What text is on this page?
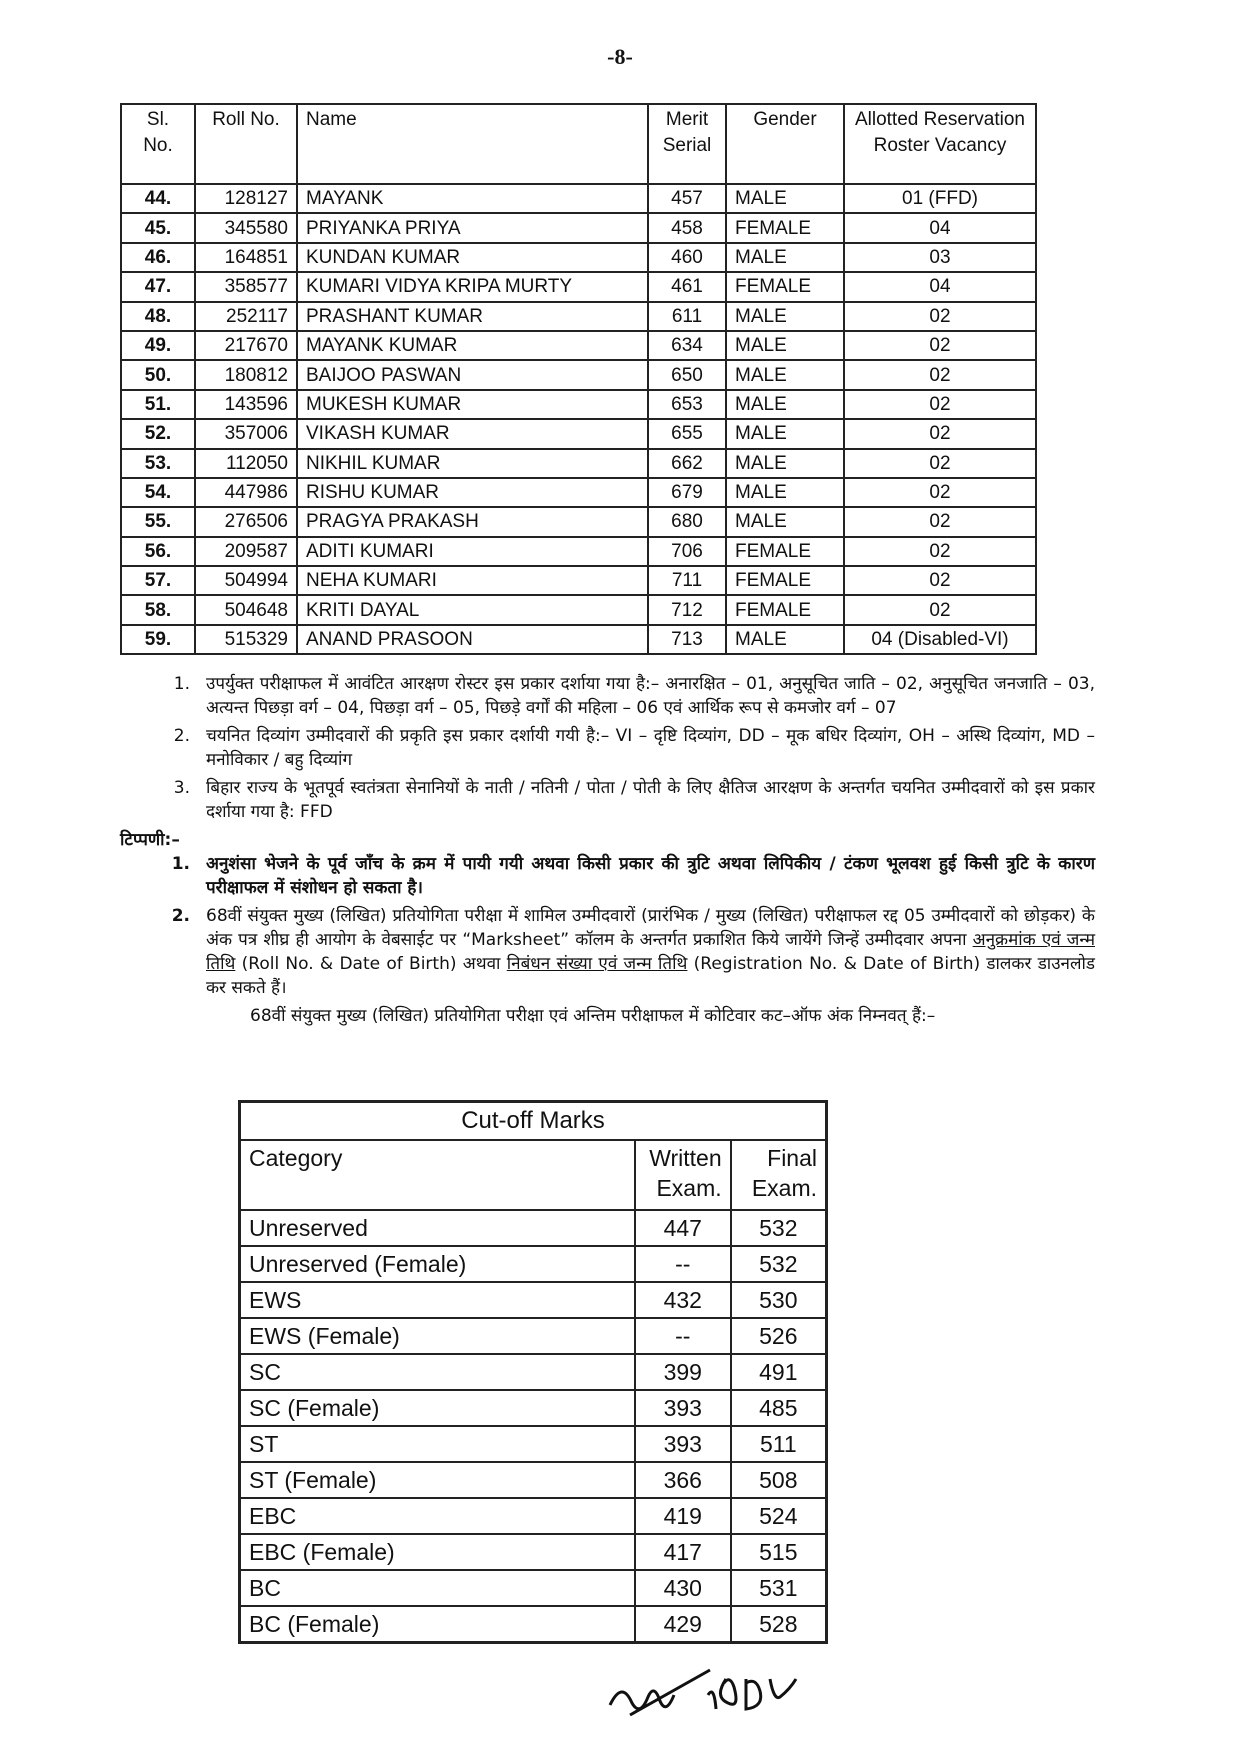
-8-
Sl. No.	Roll No.	Name	Merit Serial	Gender	Allotted Reservation Roster Vacancy
44.	128127	MAYANK	457	MALE	01 (FFD)
45.	345580	PRIYANKA PRIYA	458	FEMALE	04
46.	164851	KUNDAN KUMAR	460	MALE	03
47.	358577	KUMARI VIDYA KRIPA MURTY	461	FEMALE	04
48.	252117	PRASHANT KUMAR	611	MALE	02
49.	217670	MAYANK KUMAR	634	MALE	02
50.	180812	BAIJOO PASWAN	650	MALE	02
51.	143596	MUKESH KUMAR	653	MALE	02
52.	357006	VIKASH KUMAR	655	MALE	02
53.	112050	NIKHIL KUMAR	662	MALE	02
54.	447986	RISHU KUMAR	679	MALE	02
55.	276506	PRAGYA PRAKASH	680	MALE	02
56.	209587	ADITI KUMARI	706	FEMALE	02
57.	504994	NEHA KUMARI	711	FEMALE	02
58.	504648	KRITI DAYAL	712	FEMALE	02
59.	515329	ANAND PRASOON	713	MALE	04 (Disabled-VI)
1. उपर्युक्त परीक्षाफल में आवंटित आरक्षण रोस्टर इस प्रकार दर्शाया गया है:– अनारक्षित – 01, अनुसूचित जाति – 02, अनुसूचित जनजाति – 03, अत्यन्त पिछड़ा वर्ग – 04, पिछड़ा वर्ग – 05, पिछड़े वर्गों की महिला – 06 एवं आर्थिक रूप से कमजोर वर्ग – 07
2. चयनित दिव्यांग उम्मीदवारों की प्रकृति इस प्रकार दर्शायी गयी है:– VI – दृष्टि दिव्यांग, DD – मूक बधिर दिव्यांग, OH – अस्थि दिव्यांग, MD – मनोविकार / बहु दिव्यांग
3. बिहार राज्य के भूतपूर्व स्वतंत्रता सेनानियों के नाती / नतिनी / पोता / पोती के लिए क्षैतिज आरक्षण के अन्तर्गत चयनित उम्मीदवारों को इस प्रकार दर्शाया गया है: FFD
टिप्पणी:–
1. अनुशंसा भेजने के पूर्व जाँच के क्रम में पायी गयी अथवा किसी प्रकार की त्रुटि अथवा लिपिकीय / टंकण भूलवश हुई किसी त्रुटि के कारण परीक्षाफल में संशोधन हो सकता है।
2. 68वीं संयुक्त मुख्य (लिखित) प्रतियोगिता परीक्षा में शामिल उम्मीदवारों (प्रारंभिक / मुख्य (लिखित) परीक्षाफल रद्द 05 उम्मीदवारों को छोड़कर) के अंक पत्र शीघ्र ही आयोग के वेबसाईट पर “Marksheet” कॉलम के अन्तर्गत प्रकाशित किये जायेंगे जिन्हें उम्मीदवार अपना अनुक्रमांक एवं जन्म तिथि (Roll No. & Date of Birth) अथवा निबंधन संख्या एवं जन्म तिथि (Registration No. & Date of Birth) डालकर डाउनलोड कर सकते हैं।
68वीं संयुक्त मुख्य (लिखित) प्रतियोगिता परीक्षा एवं अन्तिम परीक्षाफल में कोटिवार कट–ऑफ अंक निम्नवत् हैं:–
Cut-off Marks		
Category	Written Exam.	Final Exam.
Unreserved	447	532
Unreserved (Female)	--	532
EWS	432	530
EWS (Female)	--	526
SC	399	491
SC (Female)	393	485
ST	393	511
ST (Female)	366	508
EBC	419	524
EBC (Female)	417	515
BC	430	531
BC (Female)	429	528
